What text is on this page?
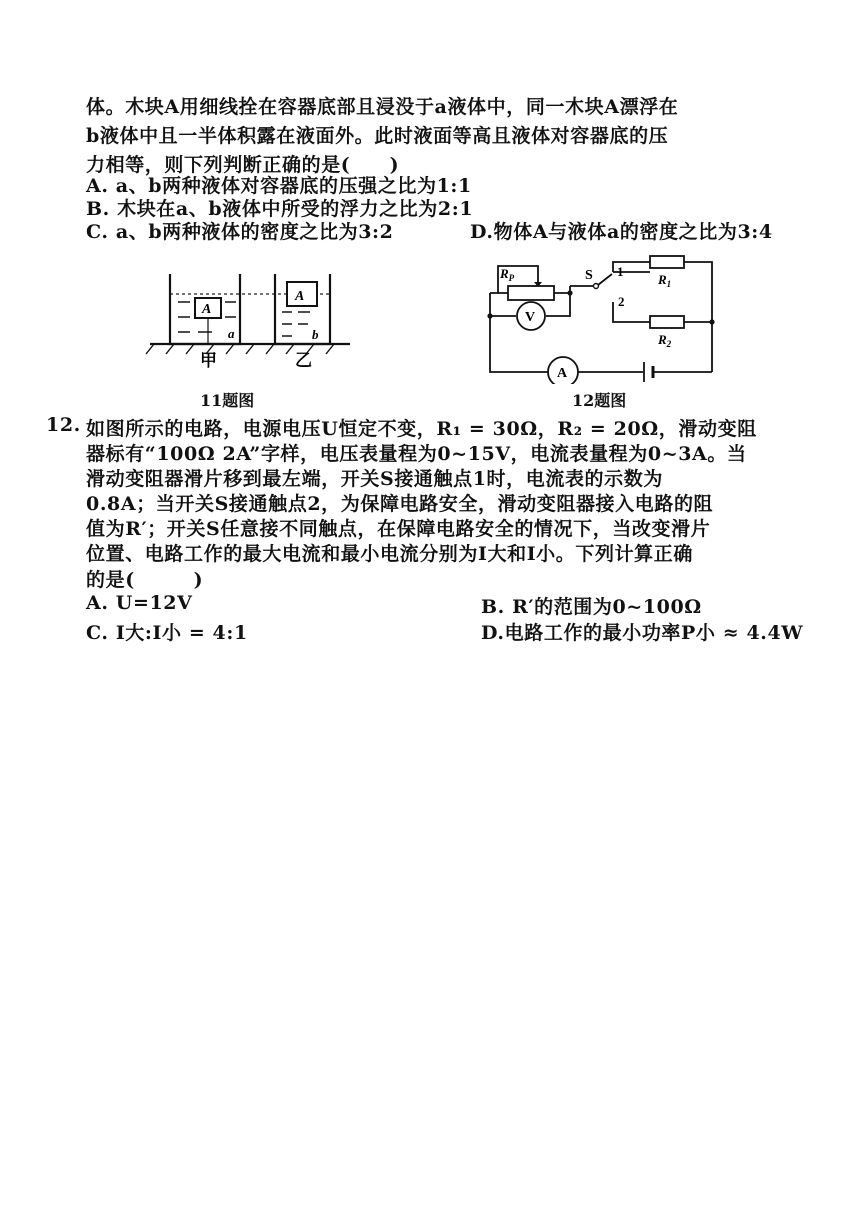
体。木块A用细线拴在容器底部且浸没于a液体中，同一木块A漂浮在
b液体中且一半体积露在液面外。此时液面等高且液体对容器底的压
力相等，则下列判断正确的是(　　)
A. a、b两种液体对容器底的压强之比为1:1
B. 木块在a、b液体中所受的浮力之比为2:1
C. a、b两种液体的密度之比为3:2	D.物体A与液体a的密度之比为3:4
A
a
A
b
甲	乙
11题图
$R_P$
V
S 1
2
$R_1$
$R_2$
A
12题图
12. 如图所示的电路，电源电压U恒定不变，R₁ = 30Ω，R₂ = 20Ω，滑动变阻
器标有“100Ω 2A”字样，电压表量程为0~15V，电流表量程为0~3A。当
滑动变阻器滑片移到最左端，开关S接通触点1时，电流表的示数为
0.8A；当开关S接通触点2，为保障电路安全，滑动变阻器接入电路的阻
值为R′；开关S任意接不同触点，在保障电路安全的情况下，当改变滑片
位置、电路工作的最大电流和最小电流分别为I大和I小。下列计算正确
的是(　　　)
A. U=12V	B. R′的范围为0~100Ω
C. I大:I小 = 4:1	D.电路工作的最小功率P小 ≈ 4.4W
